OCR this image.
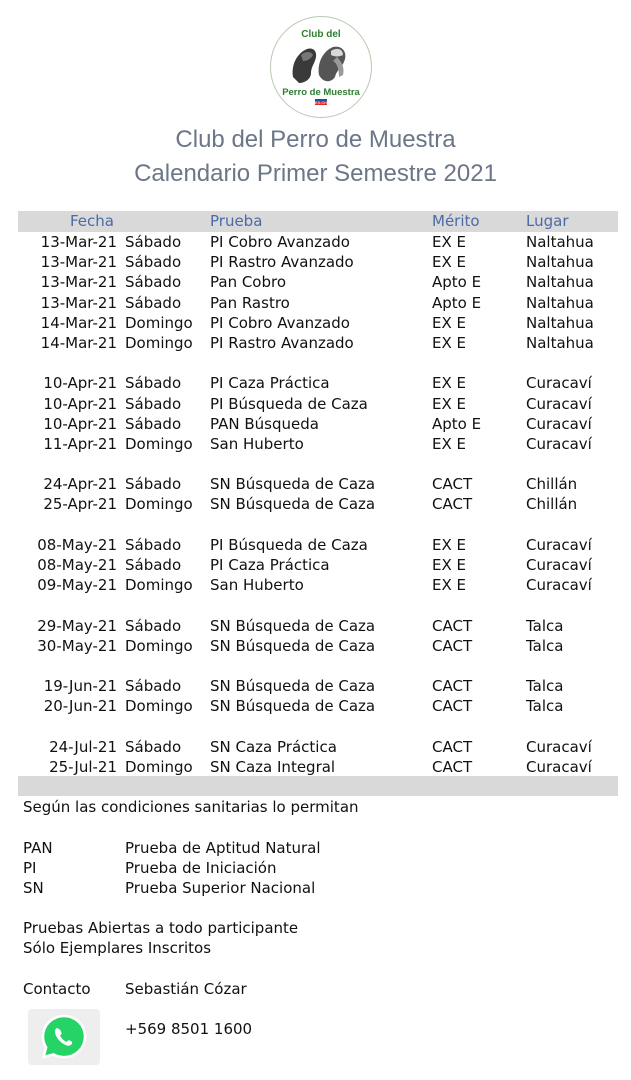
Club del
Perro de Muestra
ES.CH
Club del Perro de Muestra
Calendario Primer Semestre 2021
Fecha	Prueba	Mérito	Lugar
13-Mar-21 Sábado PI Cobro Avanzado	EX E	Naltahua
13-Mar-21 Sábado PI Rastro Avanzado	EX E	Naltahua
13-Mar-21 Sábado Pan Cobro	Apto E	Naltahua
13-Mar-21 Sábado Pan Rastro	Apto E	Naltahua
14-Mar-21 Domingo PI Cobro Avanzado	EX E	Naltahua
14-Mar-21 Domingo PI Rastro Avanzado	EX E	Naltahua
10-Apr-21 Sábado PI Caza Práctica	EX E	Curacaví
10-Apr-21 Sábado PI Búsqueda de Caza	EX E	Curacaví
10-Apr-21 Sábado PAN Búsqueda	Apto E	Curacaví
11-Apr-21 Domingo San Huberto	EX E	Curacaví
24-Apr-21 Sábado SN Búsqueda de Caza	CACT	Chillán
25-Apr-21 Domingo SN Búsqueda de Caza	CACT	Chillán
08-May-21 Sábado PI Búsqueda de Caza	EX E	Curacaví
08-May-21 Sábado PI Caza Práctica	EX E	Curacaví
09-May-21 Domingo San Huberto	EX E	Curacaví
29-May-21 Sábado SN Búsqueda de Caza	CACT	Talca
30-May-21 Domingo SN Búsqueda de Caza	CACT	Talca
19-Jun-21 Sábado SN Búsqueda de Caza	CACT	Talca
20-Jun-21 Domingo SN Búsqueda de Caza	CACT	Talca
24-Jul-21 Sábado SN Caza Práctica	CACT	Curacaví
25-Jul-21 Domingo SN Caza Integral	CACT	Curacaví
Según las condiciones sanitarias lo permitan
PAN	Prueba de Aptitud Natural
PI	Prueba de Iniciación
SN	Prueba Superior Nacional
Pruebas Abiertas a todo participante
Sólo Ejemplares Inscritos
Contacto Sebastián Cózar
+569 8501 1600
